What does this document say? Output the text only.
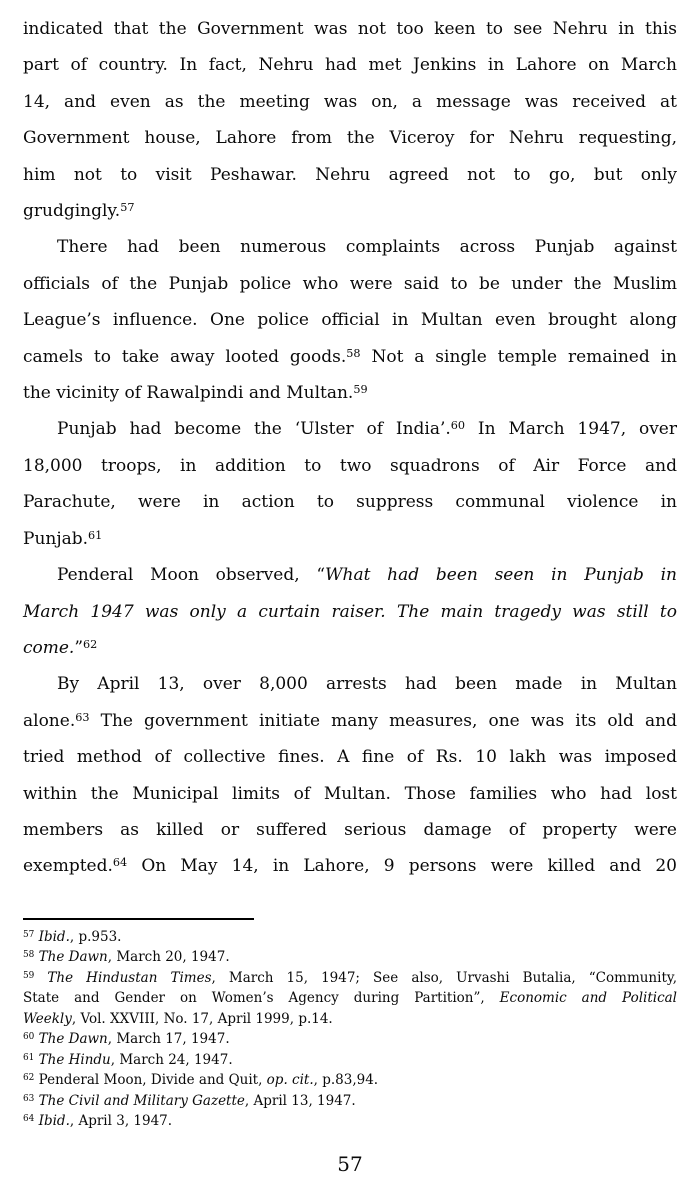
indicated that the Government was not too keen to see Nehru in this
part of country. In fact, Nehru had met Jenkins in Lahore on March
14, and even as the meeting was on, a message was received at
Government house, Lahore from the Viceroy for Nehru requesting,
him not to visit Peshawar. Nehru agreed not to go, but only
grudgingly.$^{57}$
There had been numerous complaints across Punjab against
officials of the Punjab police who were said to be under the Muslim
League’s influence. One police official in Multan even brought along
camels to take away looted goods.$^{58}$ Not a single temple remained in
the vicinity of Rawalpindi and Multan.$^{59}$
Punjab had become the ‘Ulster of India’.$^{60}$ In March 1947, over
18,000 troops, in addition to two squadrons of Air Force and
Parachute, were in action to suppress communal violence in
Punjab.$^{61}$
Penderal Moon observed, “What had been seen in Punjab in
March 1947 was only a curtain raiser. The main tragedy was still to
come.”$^{62}$
By April 13, over 8,000 arrests had been made in Multan
alone.$^{63}$ The government initiate many measures, one was its old and
tried method of collective fines. A fine of Rs. 10 lakh was imposed
within the Municipal limits of Multan. Those families who had lost
members as killed or suffered serious damage of property were
exempted.$^{64}$ On May 14, in Lahore, 9 persons were killed and 20
$^{57}$ Ibid., p.953.
$^{58}$ The Dawn, March 20, 1947.
$^{59}$ The Hindustan Times, March 15, 1947; See also, Urvashi Butalia, “Community,
State and Gender on Women’s Agency during Partition”, Economic and Political
Weekly, Vol. XXVIII, No. 17, April 1999, p.14.
$^{60}$ The Dawn, March 17, 1947.
$^{61}$ The Hindu, March 24, 1947.
$^{62}$ Penderal Moon, Divide and Quit, op. cit., p.83,94.
$^{63}$ The Civil and Military Gazette, April 13, 1947.
$^{64}$ Ibid., April 3, 1947.
57
